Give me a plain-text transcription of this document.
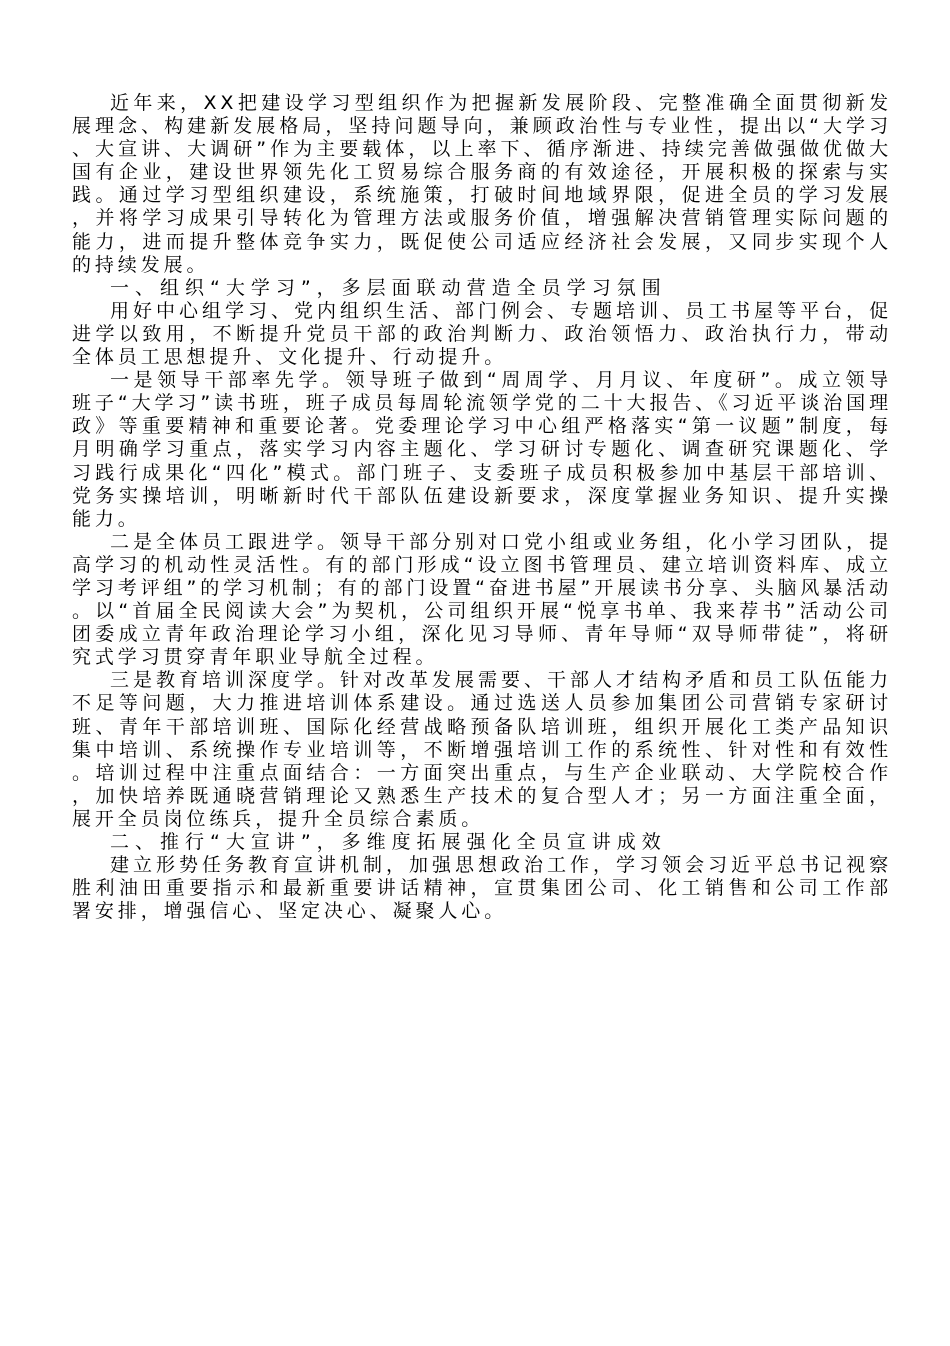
近年来，XX把建设学习型组织作为把握新发展阶段、完整准确全面贯彻新发展理念、构建新发展格局，坚持问题导向，兼顾政治性与专业性，提出以“大学习、大宣讲、大调研”作为主要载体，以上率下、循序渐进、持续完善做强做优做大国有企业，建设世界领先化工贸易综合服务商的有效途径，开展积极的探索与实践。通过学习型组织建设，系统施策，打破时间地域界限，促进全员的学习发展，并将学习成果引导转化为管理方法或服务价值，增强解决营销管理实际问题的能力，进而提升整体竞争实力，既促使公司适应经济社会发展，又同步实现个人的持续发展。

一、组织“大学习”，多层面联动营造全员学习氛围

用好中心组学习、党内组织生活、部门例会、专题培训、员工书屋等平台，促进学以致用，不断提升党员干部的政治判断力、政治领悟力、政治执行力，带动全体员工思想提升、文化提升、行动提升。

一是领导干部率先学。领导班子做到“周周学、月月议、年度研”。成立领导班子“大学习”读书班，班子成员每周轮流领学党的二十大报告、《习近平谈治国理政》等重要精神和重要论著。党委理论学习中心组严格落实“第一议题”制度，每月明确学习重点，落实学习内容主题化、学习研讨专题化、调查研究课题化、学习践行成果化“四化”模式。部门班子、支委班子成员积极参加中基层干部培训、党务实操培训，明晰新时代干部队伍建设新要求，深度掌握业务知识、提升实操能力。

二是全体员工跟进学。领导干部分别对口党小组或业务组，化小学习团队，提高学习的机动性灵活性。有的部门形成“设立图书管理员、建立培训资料库、成立学习考评组”的学习机制；有的部门设置“奋进书屋”开展读书分享、头脑风暴活动。以“首届全民阅读大会”为契机，公司组织开展“悦享书单、我来荐书”活动公司团委成立青年政治理论学习小组，深化见习导师、青年导师“双导师带徒”，将研究式学习贯穿青年职业导航全过程。

三是教育培训深度学。针对改革发展需要、干部人才结构矛盾和员工队伍能力不足等问题，大力推进培训体系建设。通过选送人员参加集团公司营销专家研讨班、青年干部培训班、国际化经营战略预备队培训班，组织开展化工类产品知识集中培训、系统操作专业培训等，不断增强培训工作的系统性、针对性和有效性。培训过程中注重点面结合：一方面突出重点，与生产企业联动、大学院校合作，加快培养既通晓营销理论又熟悉生产技术的复合型人才；另一方面注重全面，展开全员岗位练兵，提升全员综合素质。

二、推行“大宣讲”，多维度拓展强化全员宣讲成效

建立形势任务教育宣讲机制，加强思想政治工作，学习领会习近平总书记视察胜利油田重要指示和最新重要讲话精神，宣贯集团公司、化工销售和公司工作部署安排，增强信心、坚定决心、凝聚人心。
